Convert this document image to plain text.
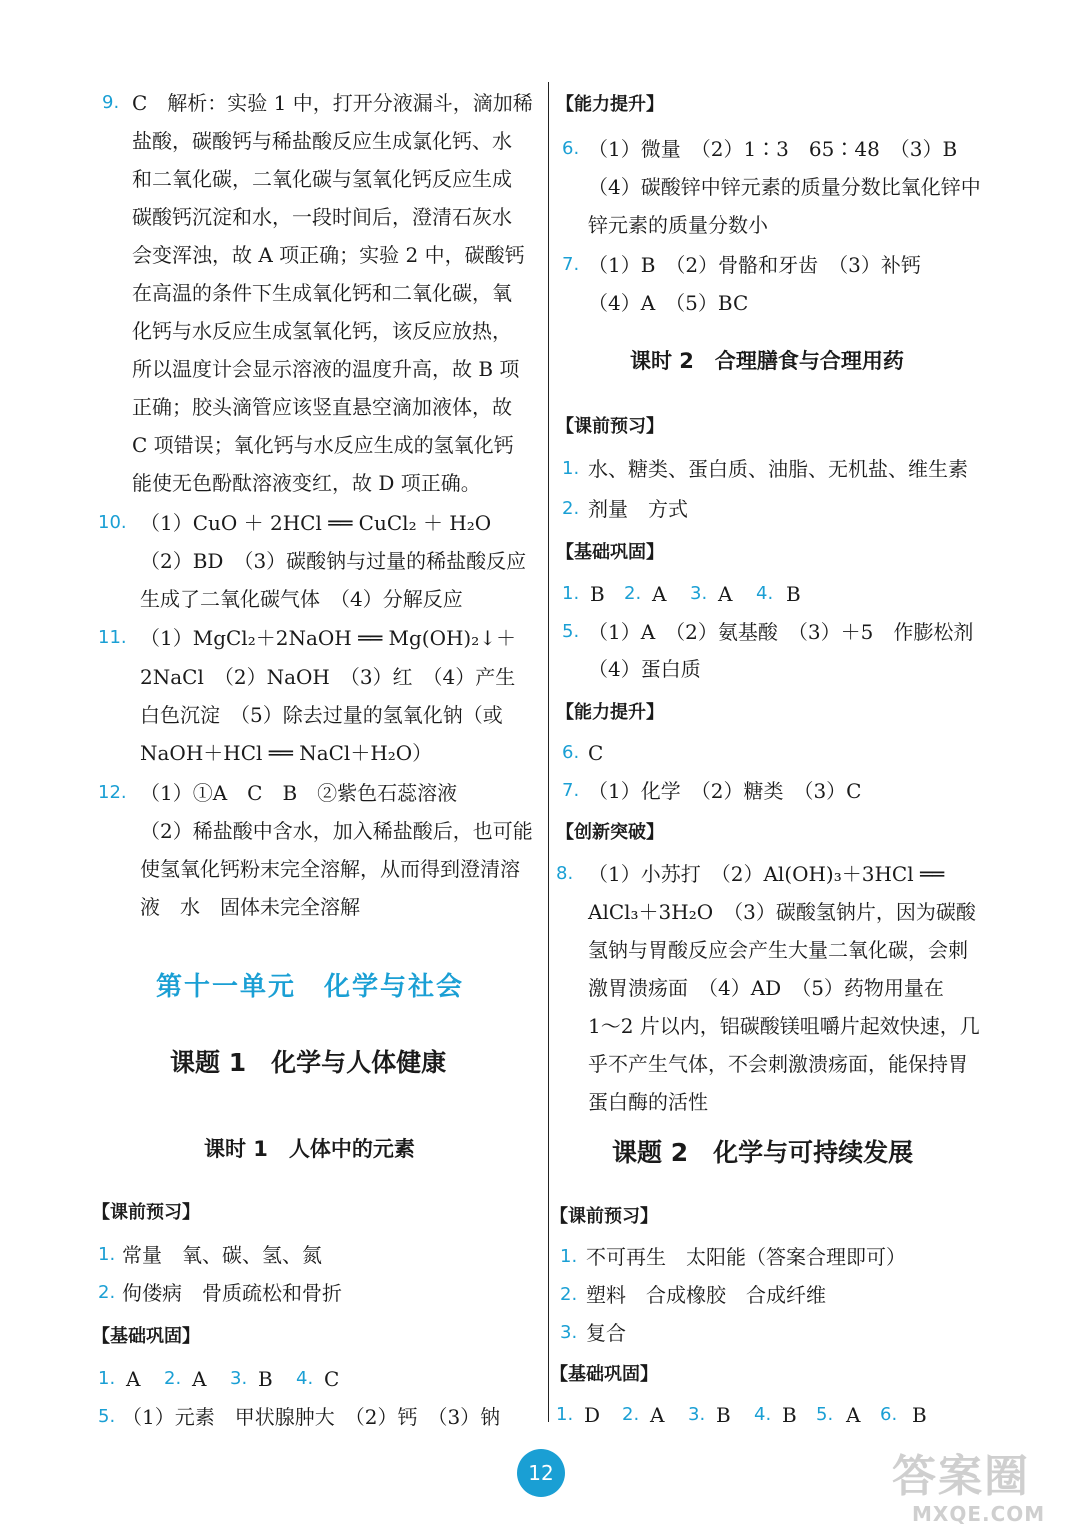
9. C　解析：实验 1 中，打开分液漏斗，滴加稀
盐酸，碳酸钙与稀盐酸反应生成氯化钙、水
和二氧化碳，二氧化碳与氢氧化钙反应生成
碳酸钙沉淀和水，一段时间后，澄清石灰水
会变浑浊，故 A 项正确；实验 2 中，碳酸钙
在高温的条件下生成氧化钙和二氧化碳，氧
化钙与水反应生成氢氧化钙，该反应放热，
所以温度计会显示溶液的温度升高，故 B 项
正确；胶头滴管应该竖直悬空滴加液体，故
C 项错误；氧化钙与水反应生成的氢氧化钙
能使无色酚酞溶液变红，故 D 项正确。
10. （1）CuO ＋ 2HCl ══ CuCl₂ ＋ H₂O
（2）BD　（3）碳酸钠与过量的稀盐酸反应
生成了二氧化碳气体　（4）分解反应
11. （1）MgCl₂＋2NaOH ══ Mg(OH)₂↓＋
2NaCl　（2）NaOH　（3）红　（4）产生
白色沉淀　（5）除去过量的氢氧化钠（或
NaOH＋HCl ══ NaCl＋H₂O）
12. （1）①A　C　B　②紫色石蕊溶液
（2）稀盐酸中含水，加入稀盐酸后，也可能
使氢氧化钙粉末完全溶解，从而得到澄清溶
液　水　固体未完全溶解
第十一单元　化学与社会
课题 1　化学与人体健康
课时 1　人体中的元素
【课前预习】
1. 常量　氧、碳、氢、氮
2. 佝偻病　骨质疏松和骨折
【基础巩固】
1. A 2. A 3. B 4. C
5. （1）元素　甲状腺肿大　（2）钙　（3）钠
【能力提升】
6. （1）微量　（2）1∶3　65∶48　（3）B
（4）碳酸锌中锌元素的质量分数比氧化锌中
锌元素的质量分数小
7. （1）B　（2）骨骼和牙齿　（3）补钙
（4）A　（5）BC
课时 2　合理膳食与合理用药
【课前预习】
1. 水、糖类、蛋白质、油脂、无机盐、维生素
2. 剂量　方式
【基础巩固】
1. B 2. A 3. A 4. B
5. （1）A　（2）氨基酸　（3）＋5　作膨松剂
（4）蛋白质
【能力提升】
6. C
7. （1）化学　（2）糖类　（3）C
【创新突破】
8. （1）小苏打　（2）Al(OH)₃＋3HCl ══
AlCl₃＋3H₂O　（3）碳酸氢钠片，因为碳酸
氢钠与胃酸反应会产生大量二氧化碳，会刺
激胃溃疡面　（4）AD　（5）药物用量在
1～2 片以内，铝碳酸镁咀嚼片起效快速，几
乎不产生气体，不会刺激溃疡面，能保持胃
蛋白酶的活性
课题 2　化学与可持续发展
【课前预习】
1. 不可再生　太阳能（答案合理即可）
2. 塑料　合成橡胶　合成纤维
3. 复合
【基础巩固】
1. D 2. A 3. B 4. B 5. A 6. B
12	答案圈
MXQE.COM
